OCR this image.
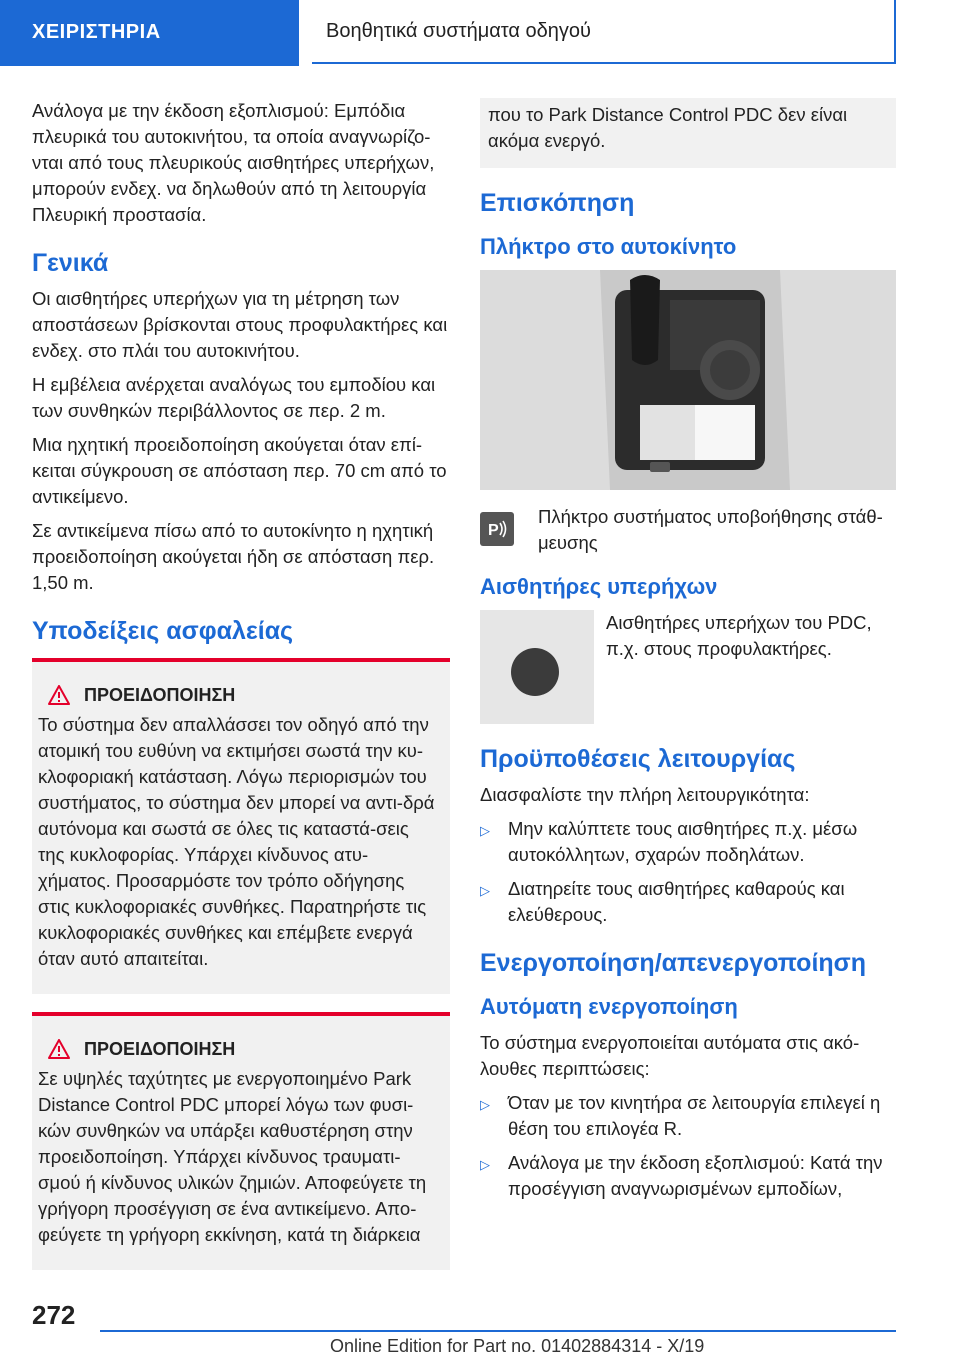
ΧΕΙΡΙΣΤΗΡΙΑ	Βοηθητικά συστήματα οδηγού

Ανάλογα με την έκδοση εξοπλισμού: Εμπόδια πλευρικά του αυτοκινήτου, τα οποία αναγνωρίζο-νται από τους πλευρικούς αισθητήρες υπερήχων, μπορούν ενδεχ. να δηλωθούν από τη λειτουργία Πλευρική προστασία.

Γενικά

Οι αισθητήρες υπερήχων για τη μέτρηση των αποστάσεων βρίσκονται στους προφυλακτήρες και ενδεχ. στο πλάι του αυτοκινήτου.

Η εμβέλεια ανέρχεται αναλόγως του εμποδίου και των συνθηκών περιβάλλοντος σε περ. 2 m.

Μια ηχητική προειδοποίηση ακούγεται όταν επί-κειται σύγκρουση σε απόσταση περ. 70 cm από το αντικείμενο.

Σε αντικείμενα πίσω από το αυτοκίνητο η ηχητική προειδοποίηση ακούγεται ήδη σε απόσταση περ. 1,50 m.

Υποδείξεις ασφαλείας
ΠΡΟΕΙΔΟΠΟΙΗΣΗ
Το σύστημα δεν απαλλάσσει τον οδηγό από την ατομική του ευθύνη να εκτιμήσει σωστά την κυ-κλοφοριακή κατάσταση. Λόγω περιορισμών του συστήματος, το σύστημα δεν μπορεί να αντι-δρά αυτόνομα και σωστά σε όλες τις καταστά-σεις της κυκλοφορίας. Υπάρχει κίνδυνος ατυ-χήματος. Προσαρμόστε τον τρόπο οδήγησης στις κυκλοφοριακές συνθήκες. Παρατηρήστε τις κυκλοφοριακές συνθήκες και επέμβετε ενεργά όταν αυτό απαιτείται.
ΠΡΟΕΙΔΟΠΟΙΗΣΗ
Σε υψηλές ταχύτητες με ενεργοποιημένο Park Distance Control PDC μπορεί λόγω των φυσι-κών συνθηκών να υπάρξει καθυστέρηση στην προειδοποίηση. Υπάρχει κίνδυνος τραυματι-σμού ή κίνδυνος υλικών ζημιών. Αποφεύγετε τη γρήγορη προσέγγιση σε ένα αντικείμενο. Απο-φεύγετε τη γρήγορη εκκίνηση, κατά τη διάρκεια
που το Park Distance Control PDC δεν είναι ακόμα ενεργό.
Επισκόπηση
Πλήκτρο στο αυτοκίνητο
P
Πλήκτρο συστήματος υποβοήθησης στάθ-μευσης
Αισθητήρες υπερήχων
Αισθητήρες υπερήχων του PDC, π.χ. στους προφυλακτήρες.
Προϋποθέσεις λειτουργίας

Διασφαλίστε την πλήρη λειτουργικότητα:

▷ Μην καλύπτετε τους αισθητήρες π.χ. μέσω αυτοκόλλητων, σχαρών ποδηλάτων.
▷ Διατηρείτε τους αισθητήρες καθαρούς και ελεύθερους.
Ενεργοποίηση/απενεργοποίηση
Αυτόματη ενεργοποίηση

Το σύστημα ενεργοποιείται αυτόματα στις ακό-λουθες περιπτώσεις:

▷ Όταν με τον κινητήρα σε λειτουργία επιλεγεί η θέση του επιλογέα R.
▷ Ανάλογα με την έκδοση εξοπλισμού: Κατά την προσέγγιση αναγνωρισμένων εμποδίων,
272
Online Edition for Part no. 01402884314 - X/19
